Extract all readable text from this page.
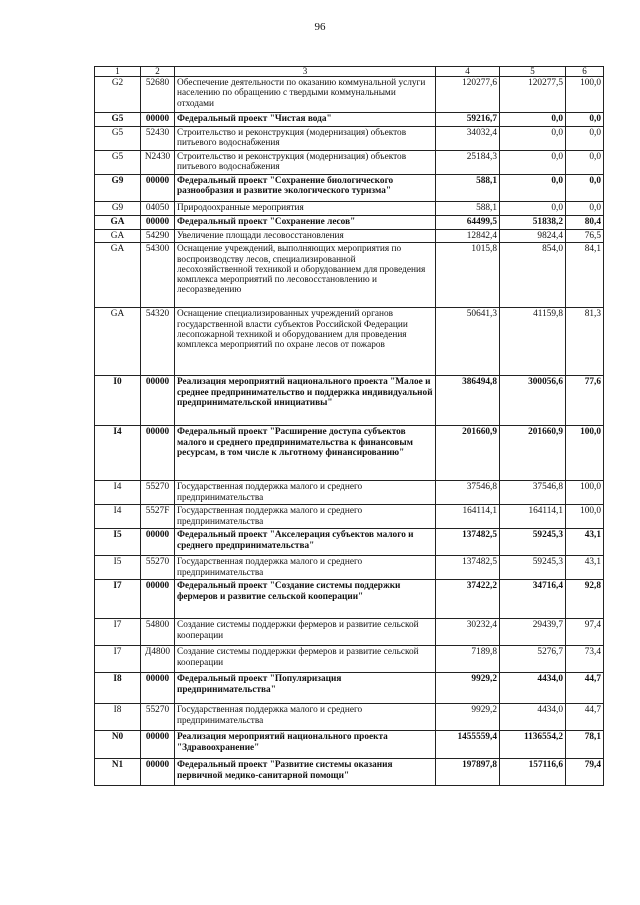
96
1	2	3	4	5	6
G2	52680	Обеспечение деятельности по оказанию коммунальной услуги населению по обращению с твердыми коммунальными отходами	120277,6	120277,5	100,0
G5	00000	Федеральный проект "Чистая вода"	59216,7	0,0	0,0
G5	52430	Строительство и реконструкция (модернизация) объектов питьевого водоснабжения	34032,4	0,0	0,0
G5	N2430	Строительство и реконструкция (модернизация) объектов питьевого водоснабжения	25184,3	0,0	0,0
G9	00000	Федеральный проект "Сохранение биологического разнообразия и развитие экологического туризма"	588,1	0,0	0,0
G9	04050	Природоохранные мероприятия	588,1	0,0	0,0
GA	00000	Федеральный проект "Сохранение лесов"	64499,5	51838,2	80,4
GA	54290	Увеличение площади лесовосстановления	12842,4	9824,4	76,5
GA	54300	Оснащение учреждений, выполняющих мероприятия по воспроизводству лесов, специализированной лесохозяйственной техникой и оборудованием для проведения комплекса мероприятий по лесовосстановлению и лесоразведению	1015,8	854,0	84,1
GA	54320	Оснащение специализированных учреждений органов государственной власти субъектов Российской Федерации лесопожарной техникой и оборудованием для проведения комплекса мероприятий по охране лесов от пожаров	50641,3	41159,8	81,3
I0	00000	Реализация мероприятий национального проекта "Малое и среднее предпринимательство и поддержка индивидуальной предпринимательской инициативы"	386494,8	300056,6	77,6
I4	00000	Федеральный проект "Расширение доступа субъектов малого и среднего предпринимательства к финансовым ресурсам, в том числе к льготному финансированию"	201660,9	201660,9	100,0
I4	55270	Государственная поддержка малого и среднего предпринимательства	37546,8	37546,8	100,0
I4	5527F	Государственная поддержка малого и среднего предпринимательства	164114,1	164114,1	100,0
I5	00000	Федеральный проект "Акселерация субъектов малого и среднего предпринимательства"	137482,5	59245,3	43,1
I5	55270	Государственная поддержка малого и среднего предпринимательства	137482,5	59245,3	43,1
I7	00000	Федеральный проект "Создание системы поддержки фермеров и развитие сельской кооперации"	37422,2	34716,4	92,8
I7	54800	Создание системы поддержки фермеров и развитие сельской кооперации	30232,4	29439,7	97,4
I7	Д4800	Создание системы поддержки фермеров и развитие сельской кооперации	7189,8	5276,7	73,4
I8	00000	Федеральный проект "Популяризация предпринимательства"	9929,2	4434,0	44,7
I8	55270	Государственная поддержка малого и среднего предпринимательства	9929,2	4434,0	44,7
N0	00000	Реализация мероприятий национального проекта "Здравоохранение"	1455559,4	1136554,2	78,1
N1	00000	Федеральный проект "Развитие системы оказания первичной медико-санитарной помощи"	197897,8	157116,6	79,4
